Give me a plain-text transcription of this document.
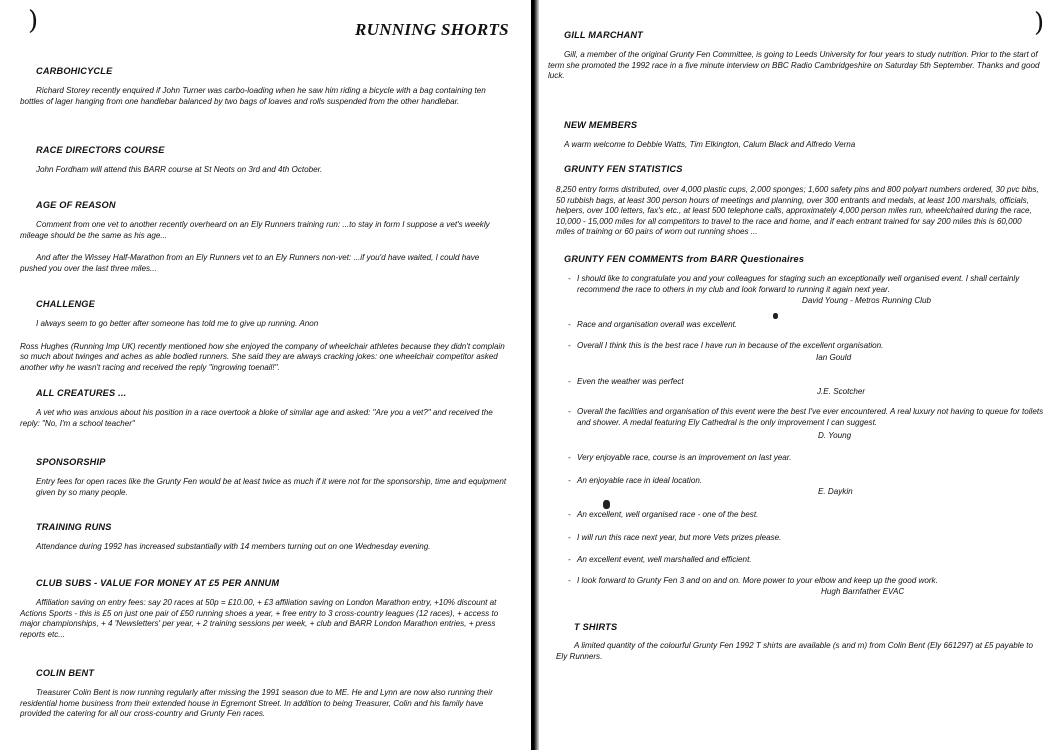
)	RUNNING SHORTS

CARBOHICYCLE

Richard Storey recently enquired if John Turner was carbo-loading when he saw him riding a bicycle with a bag containing ten bottles of lager hanging from one handlebar balanced by two bags of loaves and rolls suspended from the other handlebar.

RACE DIRECTORS COURSE

John Fordham will attend this BARR course at St Neots on 3rd and 4th October.

AGE OF REASON

Comment from one vet to another recently overheard on an Ely Runners training run: ...to stay in form I suppose a vet's weekly mileage should be the same as his age...

And after the Wissey Half-Marathon from an Ely Runners vet to an Ely Runners non-vet: ...if you'd have waited, I could have pushed you over the last three miles...

CHALLENGE

I always seem to go better after someone has told me to give up running. Anon

Ross Hughes (Running Imp UK) recently mentioned how she enjoyed the company of wheelchair athletes because they didn't complain so much about twinges and aches as able bodied runners. She said they are always cracking jokes: one wheelchair competitor asked another why he wasn't racing and received the reply "ingrowing toenail!".

ALL CREATURES ...

A vet who was anxious about his position in a race overtook a bloke of similar age and asked: "Are you a vet?" and received the reply: "No, I'm a school teacher"

SPONSORSHIP

Entry fees for open races like the Grunty Fen would be at least twice as much if it were not for the sponsorship, time and equipment given by so many people.

TRAINING RUNS

Attendance during 1992 has increased substantially with 14 members turning out on one Wednesday evening.

CLUB SUBS - VALUE FOR MONEY AT £5 PER ANNUM

Affiliation saving on entry fees: say 20 races at 50p = £10.00, + £3 affiliation saving on London Marathon entry, +10% discount at Actions Sports - this is £5 on just one pair of £50 running shoes a year, + free entry to 3 cross-country leagues (12 races), + access to major championships, + 4 'Newsletters' per year, + 2 training sessions per week, + club and BARR London Marathon entries, + press reports etc...

COLIN BENT

Treasurer Colin Bent is now running regularly after missing the 1991 season due to ME. He and Lynn are now also running their residential home business from their extended house in Egremont Street. In addition to being Treasurer, Colin and his family have provided the catering for all our cross-country and Grunty Fen races.

)

GILL MARCHANT

Gill, a member of the original Grunty Fen Committee, is going to Leeds University for four years to study nutrition. Prior to the start of term she promoted the 1992 race in a five minute interview on BBC Radio Cambridgeshire on Saturday 5th September. Thanks and good luck.

NEW MEMBERS

A warm welcome to Debbie Watts, Tim Elkington, Calum Black and Alfredo Verna

GRUNTY FEN STATISTICS

8,250 entry forms distributed, over 4,000 plastic cups, 2,000 sponges; 1,600 safety pins and 800 polyart numbers ordered, 30 pvc bibs, 50 rubbish bags, at least 300 person hours of meetings and planning, over 300 entrants and medals, at least 100 marshals, officials, helpers, over 100 letters, fax's etc., at least 500 telephone calls, approximately 4,000 person miles run, wheelchaired during the race, 10,000 - 15,000 miles for all competitors to travel to the race and home, and if each entrant trained for say 200 miles this is 60,000 miles of training or 60 pairs of worn out running shoes ...

GRUNTY FEN COMMENTS from BARR Questionaires

- I should like to congratulate you and your colleagues for staging such an exceptionally well organised event. I shall certainly recommend the race to others in my club and look forward to running it again next year.
David Young - Metros Running Club
- Race and organisation overall was excellent.
- Overall I think this is the best race I have run in because of the excellent organisation.
Ian Gould
- Even the weather was perfect
J.E. Scotcher
- Overall the facilities and organisation of this event were the best I've ever encountered. A real luxury not having to queue for toilets and shower. A medal featuring Ely Cathedral is the only improvement I can suggest.
D. Young
- Very enjoyable race, course is an improvement on last year.
- An enjoyable race in ideal location.
E. Daykin
- An excellent, well organised race - one of the best.
- I will run this race next year, but more Vets prizes please.
- An excellent event, well marshalled and efficient.
- I look forward to Grunty Fen 3 and on and on. More power to your elbow and keep up the good work.
Hugh Barnfather EVAC

T SHIRTS

A limited quantity of the colourful Grunty Fen 1992 T shirts are available (s and m) from Colin Bent (Ely 661297) at £5 payable to Ely Runners.
